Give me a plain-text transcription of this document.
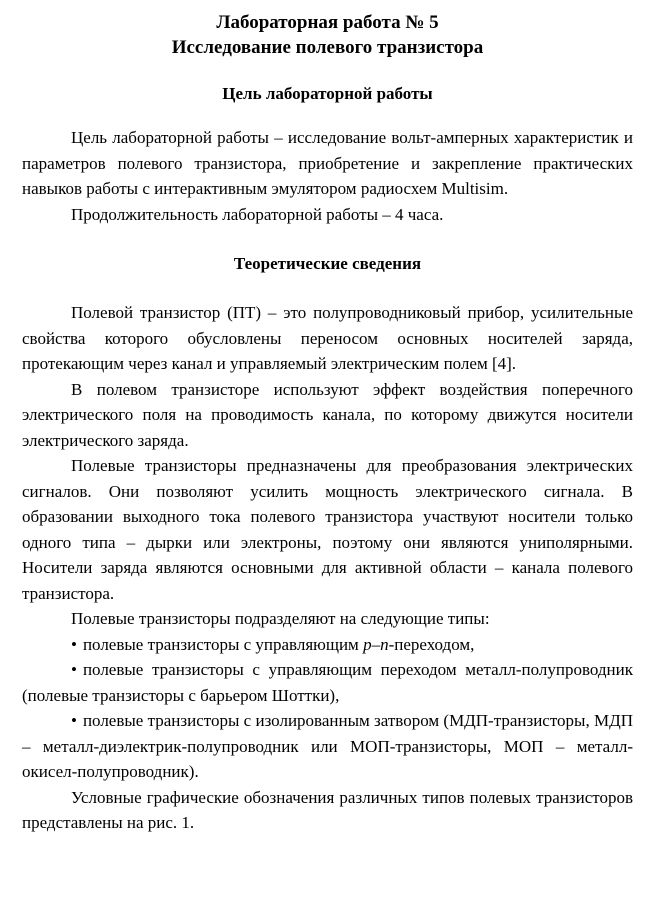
Лабораторная работа № 5

Исследование полевого транзистора

Цель лабораторной работы

Цель лабораторной работы – исследование вольт-амперных характеристик и параметров полевого транзистора, приобретение и закрепление практических навыков работы с интерактивным эмулятором радиосхем Multisim.

Продолжительность лабораторной работы – 4 часа.

Теоретические сведения

Полевой транзистор (ПТ) – это полупроводниковый прибор, усилительные свойства которого обусловлены переносом основных носителей заряда, протекающим через канал и управляемый электрическим полем [4].

В полевом транзисторе используют эффект воздействия поперечного электрического поля на проводимость канала, по которому движутся носители электрического заряда.

Полевые транзисторы предназначены для преобразования электрических сигналов. Они позволяют усилить мощность электрического сигнала. В образовании выходного тока полевого транзистора участвуют носители только одного типа – дырки или электроны, поэтому они являются униполярными. Носители заряда являются основными для активной области – канала полевого транзистора.

Полевые транзисторы подразделяют на следующие типы:

• полевые транзисторы с управляющим p–n-переходом,

• полевые транзисторы с управляющим переходом металл-полупроводник (полевые транзисторы с барьером Шоттки),

• полевые транзисторы с изолированным затвором (МДП-транзисторы, МДП – металл-диэлектрик-полупроводник или МОП-транзисторы, МОП – металл-окисел-полупроводник).

Условные графические обозначения различных типов полевых транзисторов представлены на рис. 1.
